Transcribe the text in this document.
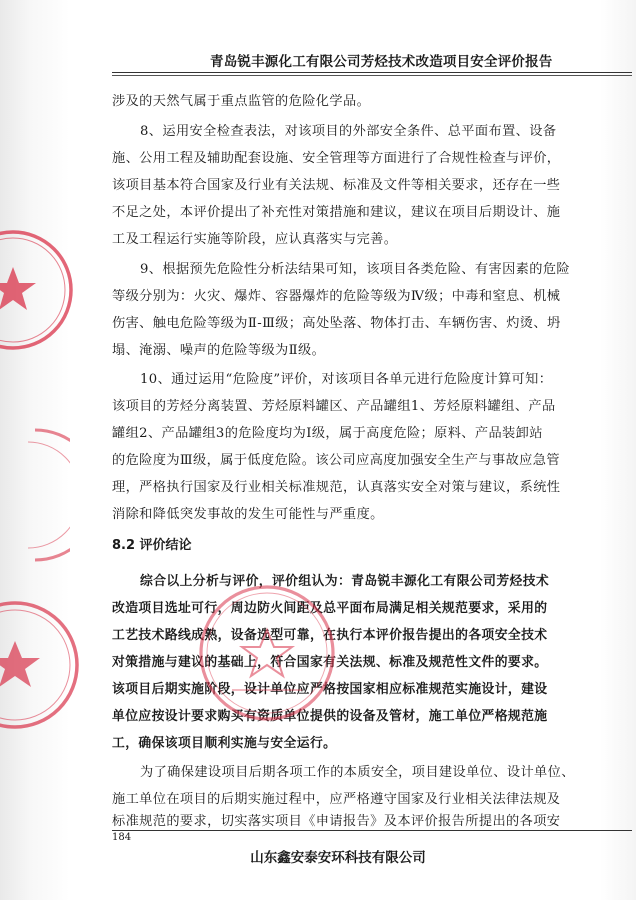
青岛锐丰源化工有限公司芳烃技术改造项目安全评价报告
涉及的天然气属于重点监管的危险化学品。
8、运用安全检查表法，对该项目的外部安全条件、总平面布置、设备
施、公用工程及辅助配套设施、安全管理等方面进行了合规性检查与评价，
该项目基本符合国家及行业有关法规、标准及文件等相关要求，还存在一些
不足之处，本评价提出了补充性对策措施和建议，建议在项目后期设计、施
工及工程运行实施等阶段，应认真落实与完善。
9、根据预先危险性分析法结果可知，该项目各类危险、有害因素的危险
等级分别为：火灾、爆炸、容器爆炸的危险等级为Ⅳ级；中毒和窒息、机械
伤害、触电危险等级为Ⅱ-Ⅲ级；高处坠落、物体打击、车辆伤害、灼烫、坍
塌、淹溺、噪声的危险等级为Ⅱ级。
10、通过运用“危险度”评价，对该项目各单元进行危险度计算可知：
该项目的芳烃分离装置、芳烃原料罐区、产品罐组1、芳烃原料罐组、产品
罐组2、产品罐组3的危险度均为Ⅰ级，属于高度危险；原料、产品装卸站
的危险度为Ⅲ级，属于低度危险。该公司应高度加强安全生产与事故应急管
理，严格执行国家及行业相关标准规范，认真落实安全对策与建议，系统性
消除和降低突发事故的发生可能性与严重度。
8.2 评价结论
综合以上分析与评价，评价组认为：青岛锐丰源化工有限公司芳烃技术
改造项目选址可行，周边防火间距及总平面布局满足相关规范要求，采用的
工艺技术路线成熟，设备选型可靠，在执行本评价报告提出的各项安全技术
对策措施与建议的基础上，符合国家有关法规、标准及规范性文件的要求。
该项目后期实施阶段，设计单位应严格按国家相应标准规范实施设计，建设
单位应按设计要求购买有资质单位提供的设备及管材，施工单位严格规范施
工，确保该项目顺利实施与安全运行。
为了确保建设项目后期各项工作的本质安全，项目建设单位、设计单位、
施工单位在项目的后期实施过程中，应严格遵守国家及行业相关法律法规及
标准规范的要求，切实落实项目《申请报告》及本评价报告所提出的各项安
184
山东鑫安泰安环科技有限公司
